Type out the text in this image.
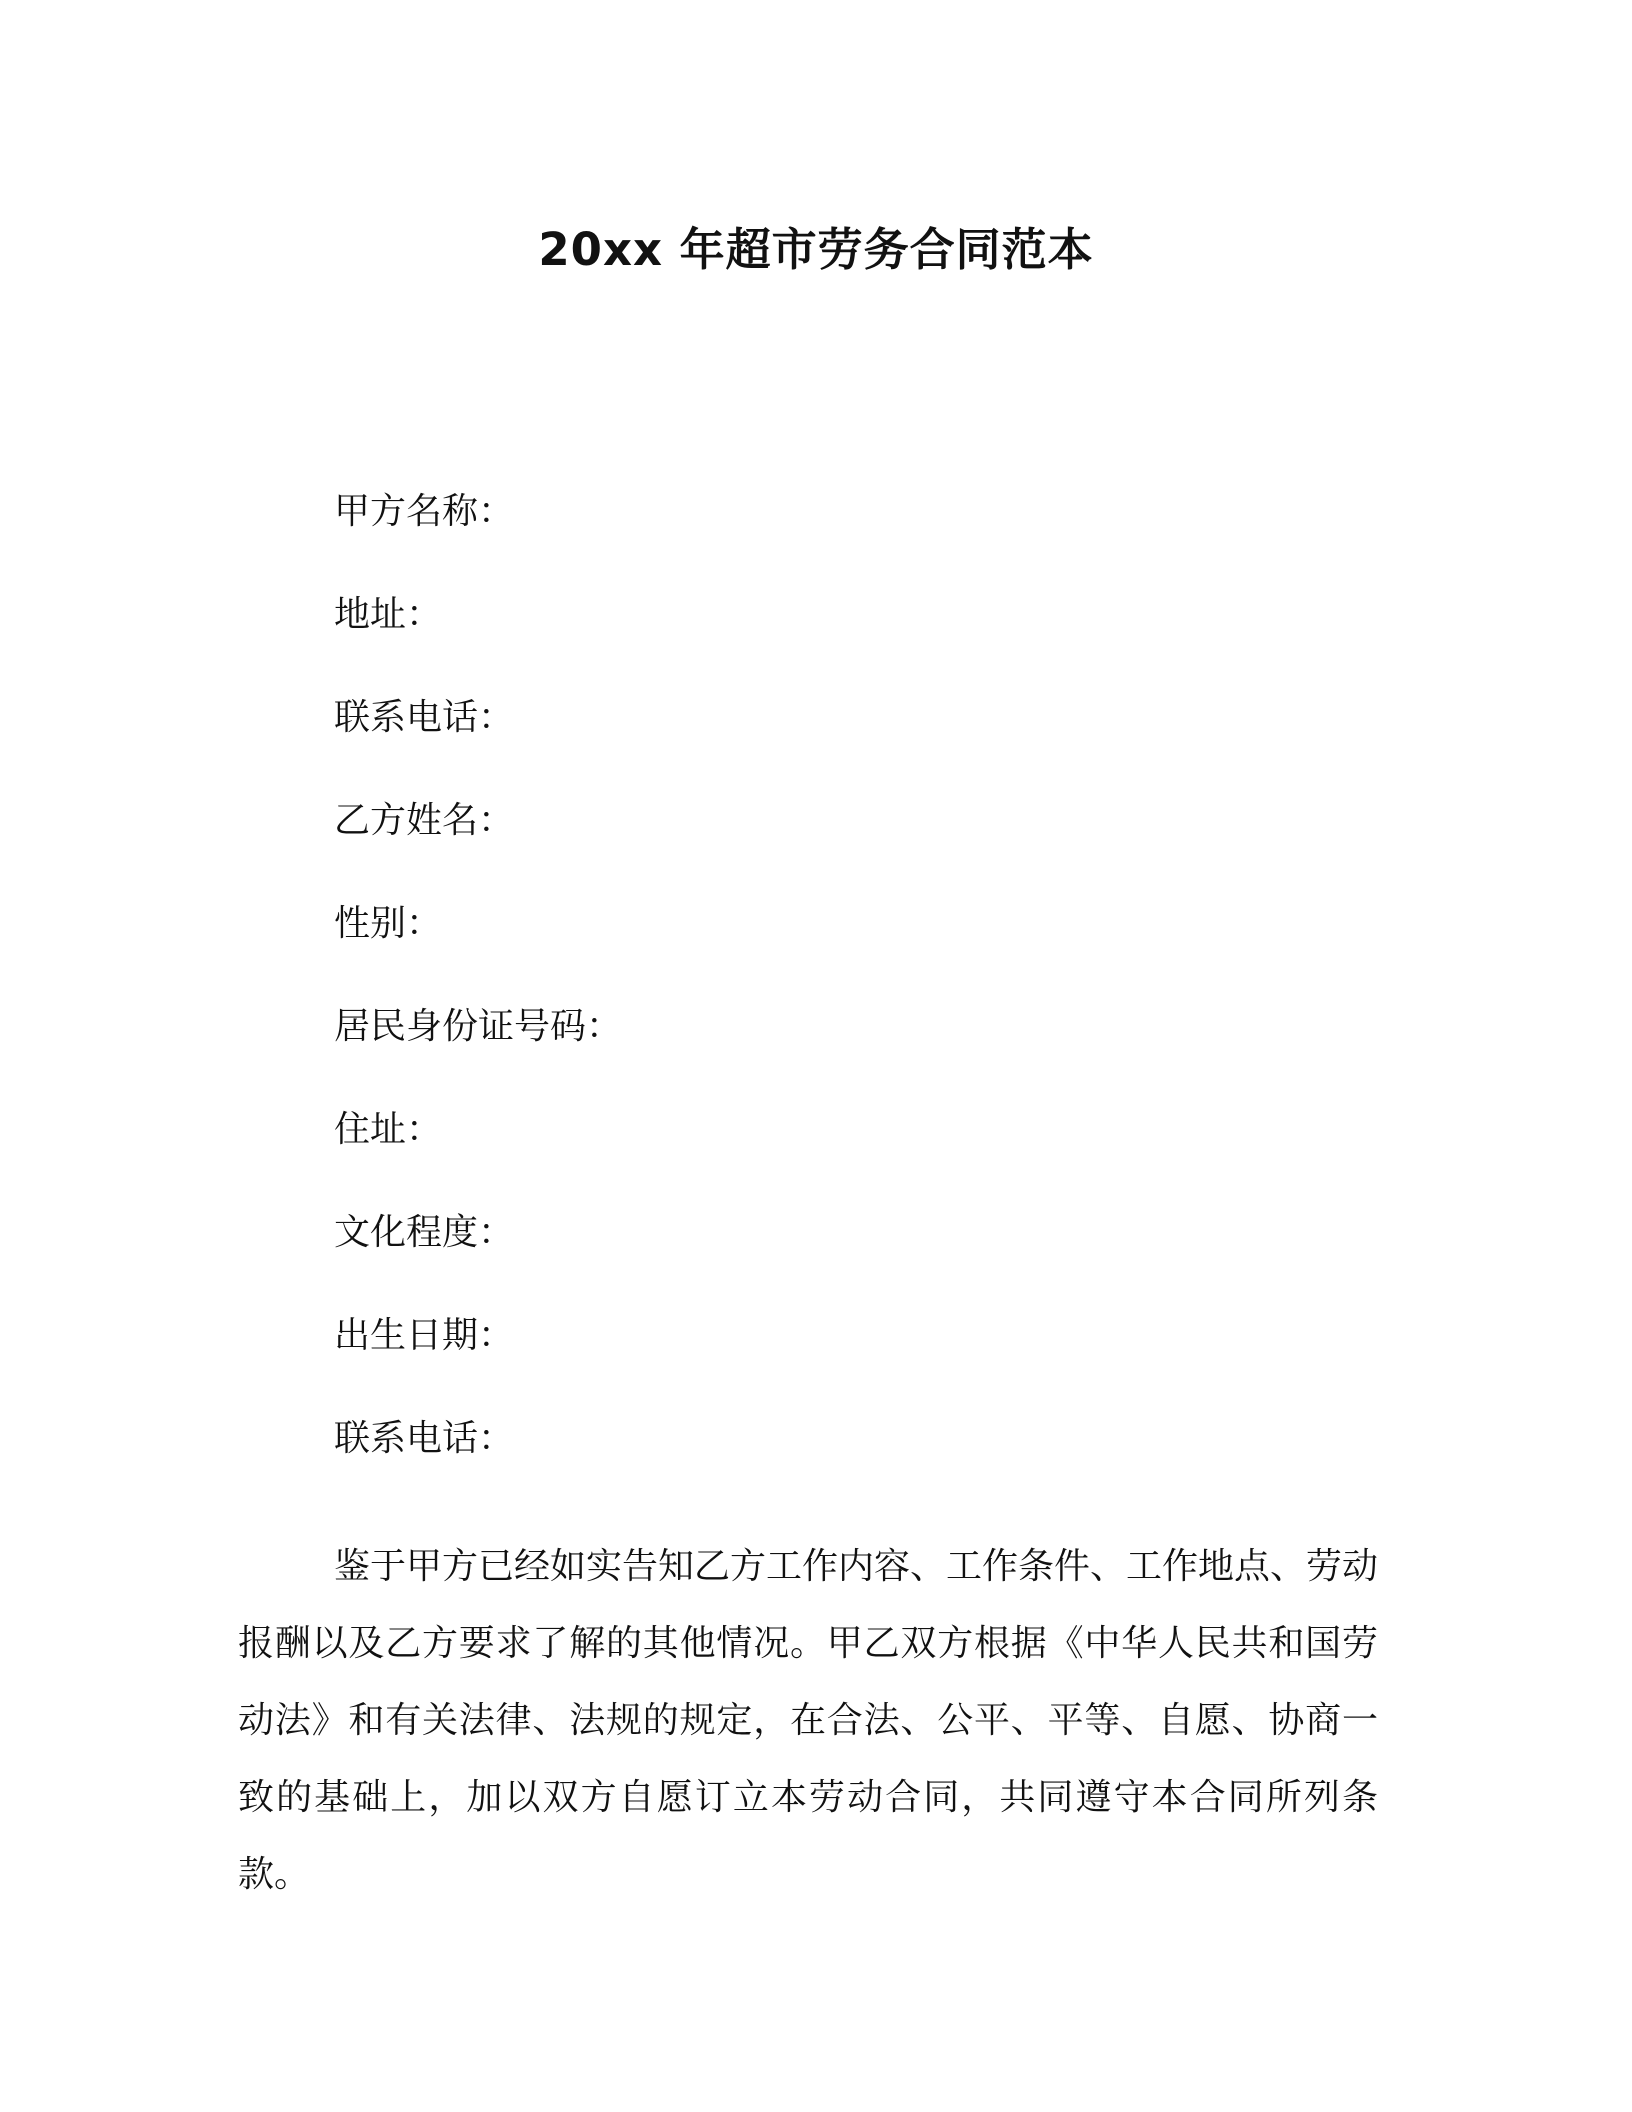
20xx 年超市劳务合同范本
甲方名称：
地址：
联系电话：
乙方姓名：
性别：
居民身份证号码：
住址：
文化程度：
出生日期：
联系电话：
鉴于甲方已经如实告知乙方工作内容、工作条件、工作地点、劳动报酬以及乙方要求了解的其他情况。甲乙双方根据《中华人民共和国劳动法》和有关法律、法规的规定，在合法、公平、平等、自愿、协商一致的基础上，加以双方自愿订立本劳动合同，共同遵守本合同所列条款。
